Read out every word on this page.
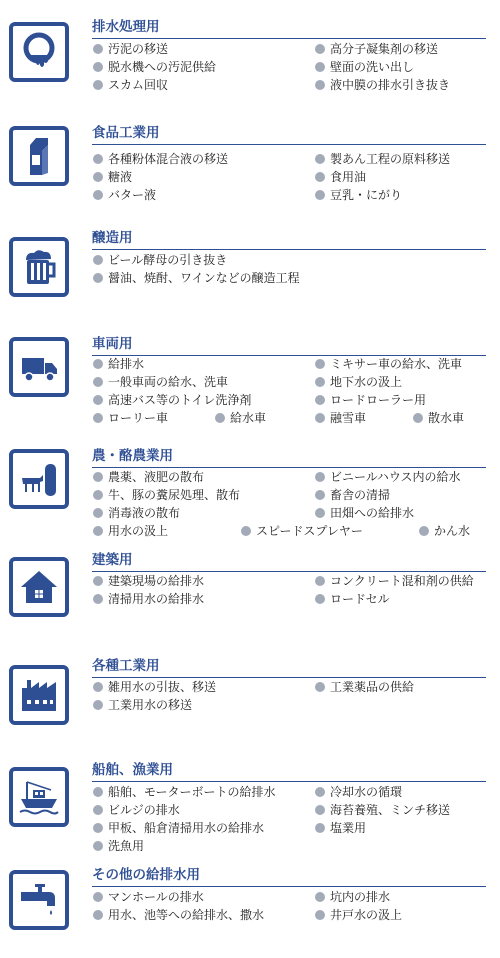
排水処理用
汚泥の移送	高分子凝集剤の移送
脱水機への汚泥供給	壁面の洗い出し
スカム回収	液中膜の排水引き抜き
食品工業用
各種粉体混合液の移送	製あん工程の原料移送
糖液	食用油
バター液	豆乳・にがり
醸造用
ビール酵母の引き抜き
醤油、焼酎、ワインなどの醸造工程
車両用
給排水	ミキサー車の給水、洗車
一般車両の給水、洗車	地下水の汲上
高速バス等のトイレ洗浄剤	ロードローラー用
ローリー車	給水車	融雪車	散水車
農・酪農業用
農薬、液肥の散布	ビニールハウス内の給水
牛、豚の糞尿処理、散布	畜舎の清掃
消毒液の散布	田畑への給排水
用水の汲上	スピードスプレヤー	かん水
建築用
建築現場の給排水	コンクリート混和剤の供給
清掃用水の給排水	ロードセル
各種工業用
雑用水の引抜、移送	工業薬品の供給
工業用水の移送
船舶、漁業用
船舶、モーターボートの給排水	冷却水の循環
ビルジの排水	海苔養殖、ミンチ移送
甲板、船倉清掃用水の給排水	塩業用
洗魚用
その他の給排水用
マンホールの排水	坑内の排水
用水、池等への給排水、撒水	井戸水の汲上
